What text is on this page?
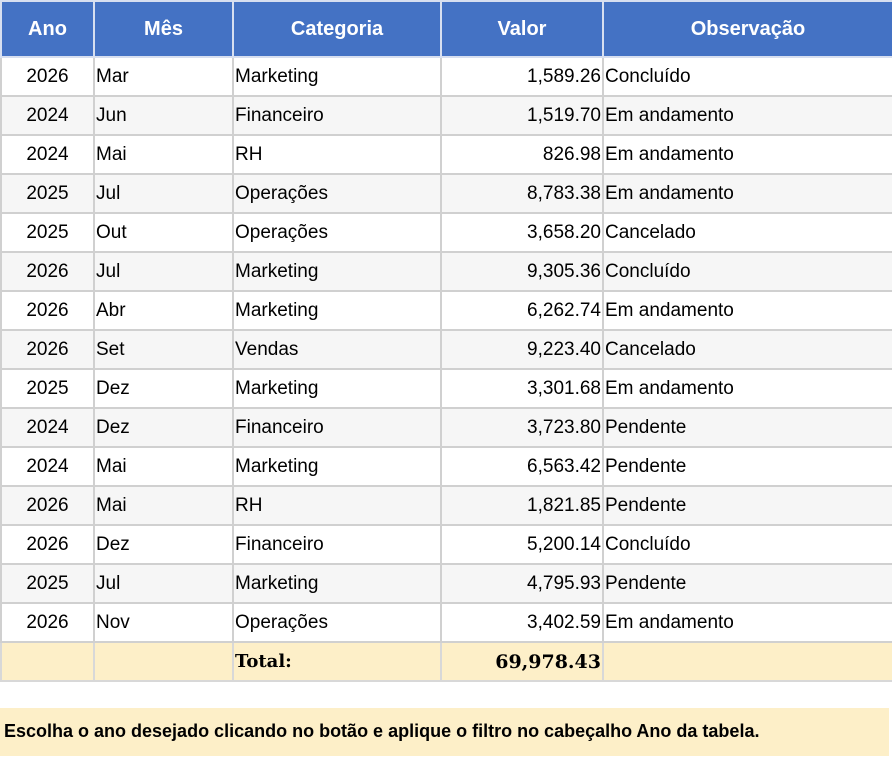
Ano	Mês	Categoria	Valor	Observação
2026	Mar	Marketing	1,589.26	Concluído
2024	Jun	Financeiro	1,519.70	Em andamento
2024	Mai	RH	826.98	Em andamento
2025	Jul	Operações	8,783.38	Em andamento
2025	Out	Operações	3,658.20	Cancelado
2026	Jul	Marketing	9,305.36	Concluído
2026	Abr	Marketing	6,262.74	Em andamento
2026	Set	Vendas	9,223.40	Cancelado
2025	Dez	Marketing	3,301.68	Em andamento
2024	Dez	Financeiro	3,723.80	Pendente
2024	Mai	Marketing	6,563.42	Pendente
2026	Mai	RH	1,821.85	Pendente
2026	Dez	Financeiro	5,200.14	Concluído
2025	Jul	Marketing	4,795.93	Pendente
2026	Nov	Operações	3,402.59	Em andamento
		Total:	69,978.43	
Escolha o ano desejado clicando no botão e aplique o filtro no cabeçalho Ano da tabela.
